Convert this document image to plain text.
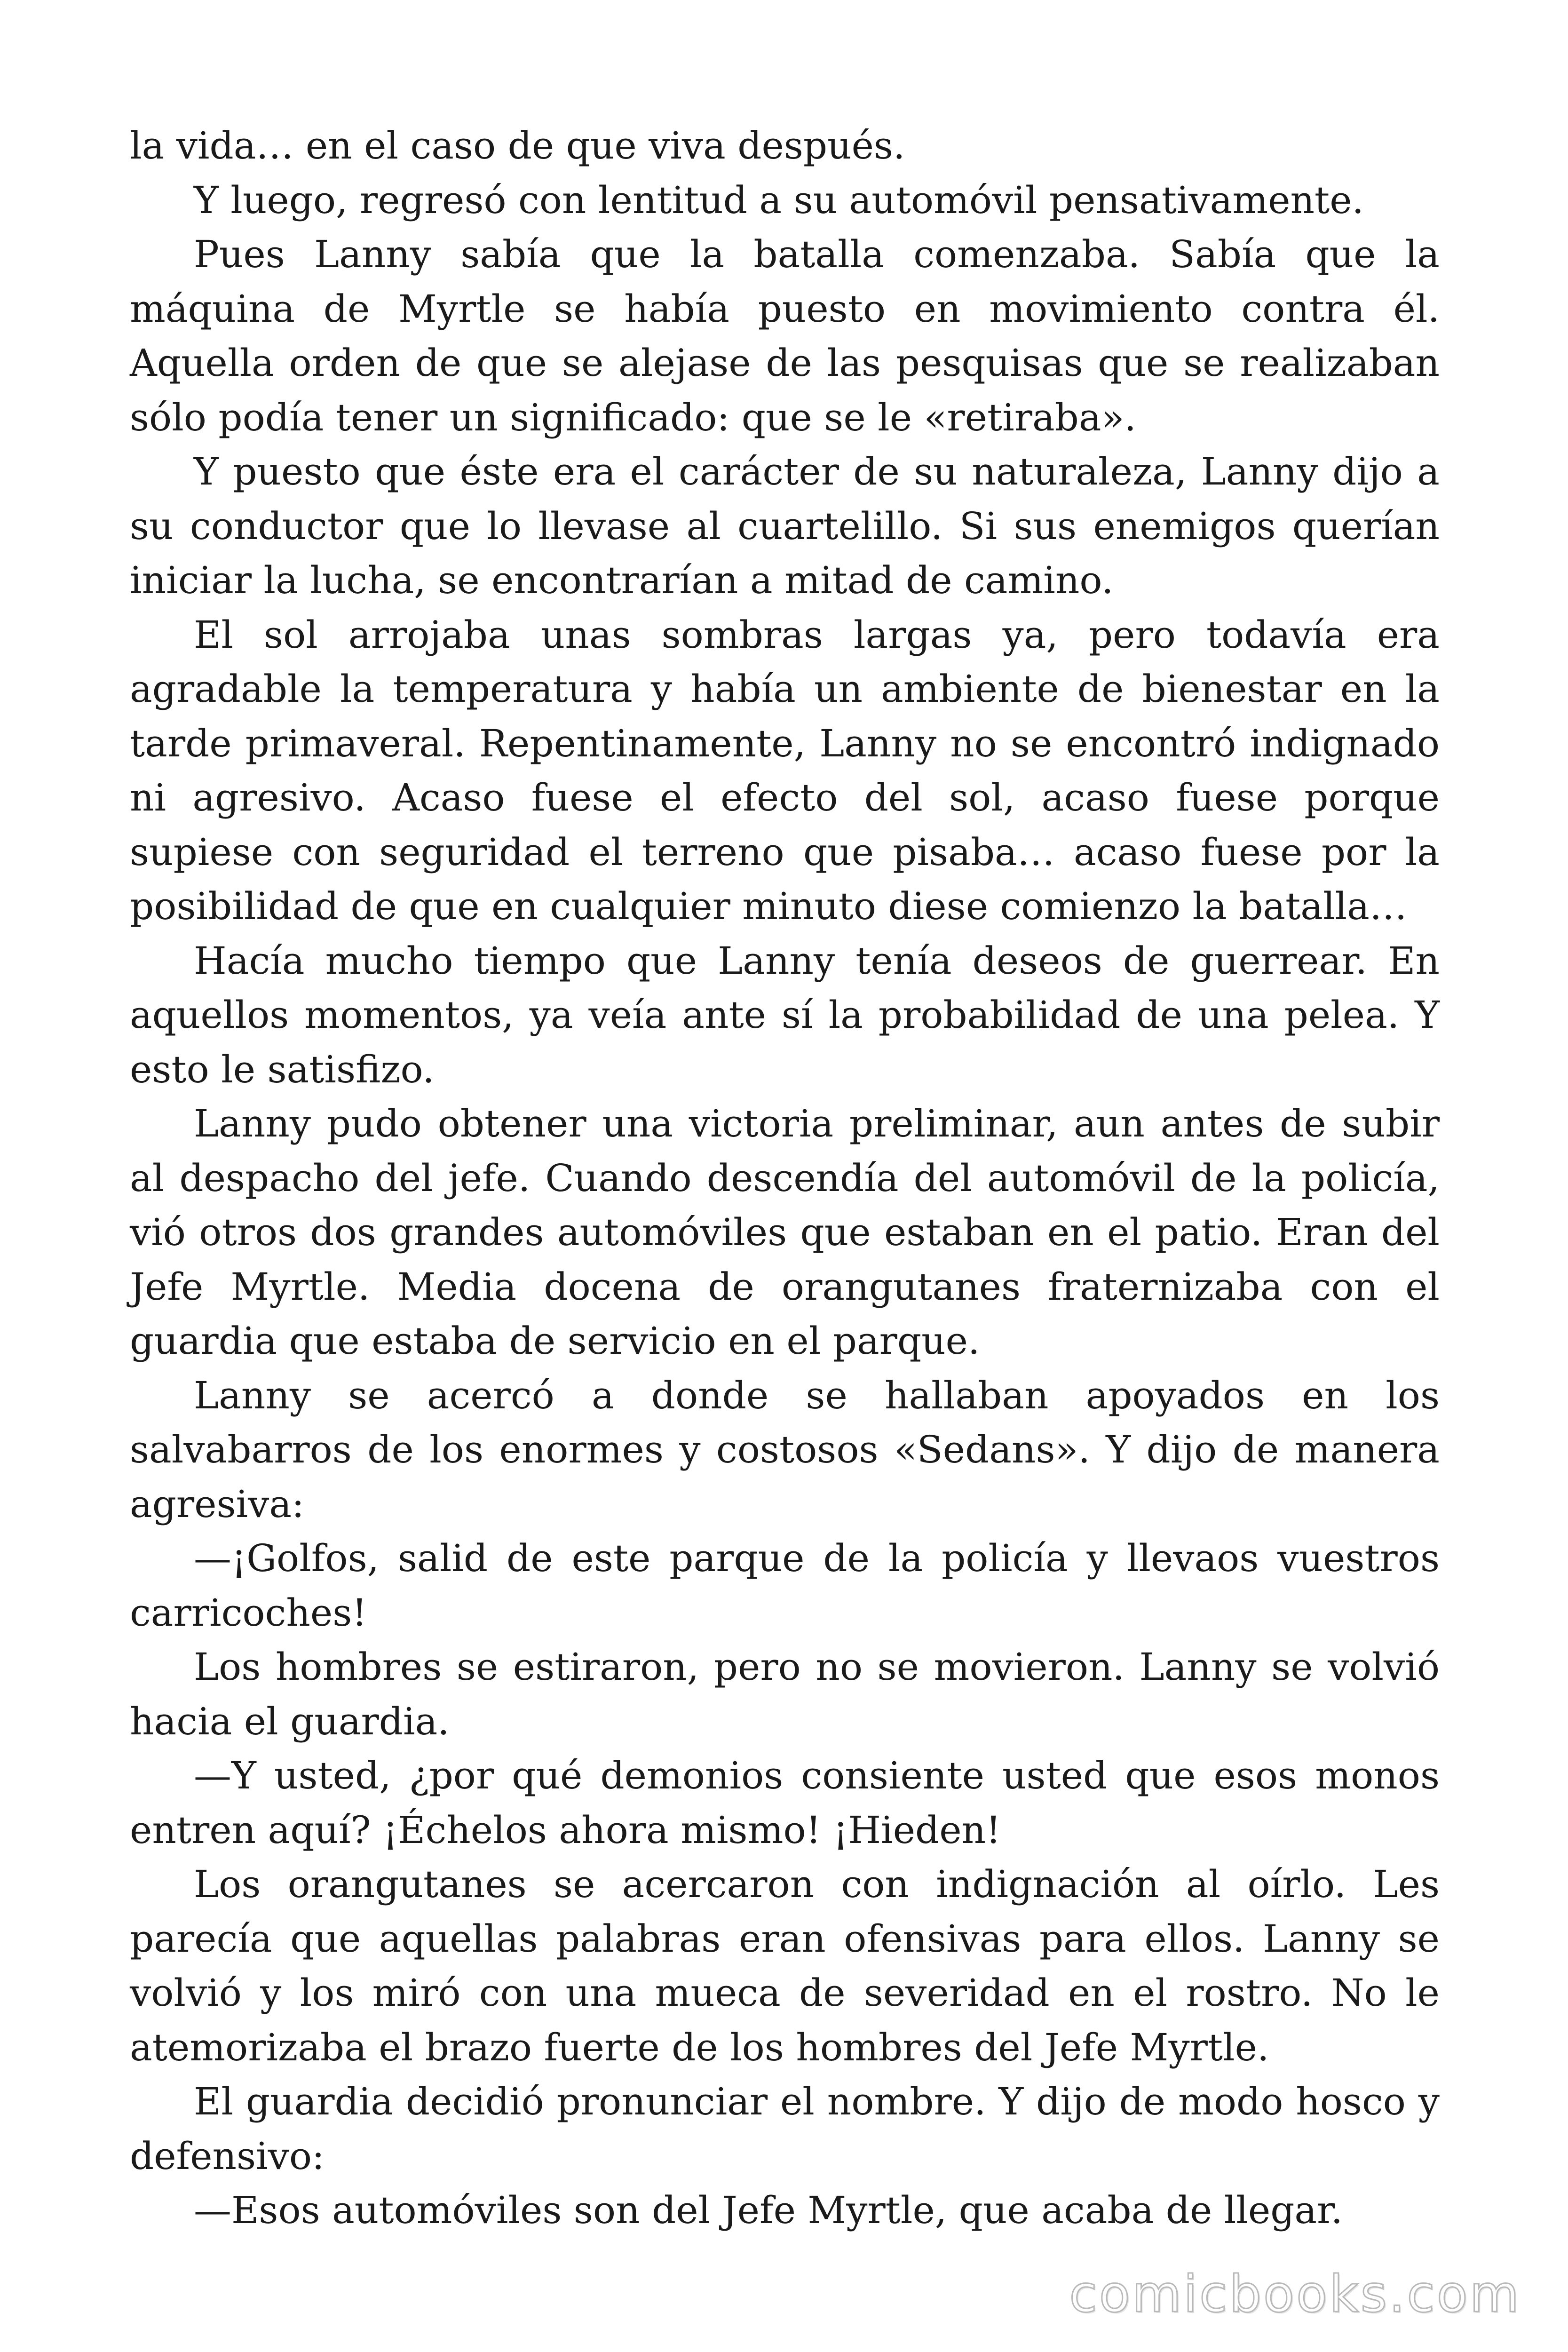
la vida… en el caso de que viva después.

Y luego, regresó con lentitud a su automóvil pensativamente.

Pues Lanny sabía que la batalla comenzaba. Sabía que la máquina de Myrtle se había puesto en movimiento contra él. Aquella orden de que se alejase de las pesquisas que se realizaban sólo podía tener un significado: que se le «retiraba».

Y puesto que éste era el carácter de su naturaleza, Lanny dijo a su conductor que lo llevase al cuartelillo. Si sus enemigos querían iniciar la lucha, se encontrarían a mitad de camino.

El sol arrojaba unas sombras largas ya, pero todavía era agradable la temperatura y había un ambiente de bienestar en la tarde primaveral. Repentinamente, Lanny no se encontró indignado ni agresivo. Acaso fuese el efecto del sol, acaso fuese porque supiese con seguridad el terreno que pisaba… acaso fuese por la posibilidad de que en cualquier minuto diese comienzo la batalla…

Hacía mucho tiempo que Lanny tenía deseos de guerrear. En aquellos momentos, ya veía ante sí la probabilidad de una pelea. Y esto le satisfizo.

Lanny pudo obtener una victoria preliminar, aun antes de subir al despacho del jefe. Cuando descendía del automóvil de la policía, vió otros dos grandes automóviles que estaban en el patio. Eran del Jefe Myrtle. Media docena de orangutanes fraternizaba con el guardia que estaba de servicio en el parque.

Lanny se acercó a donde se hallaban apoyados en los salvabarros de los enormes y costosos «Sedans». Y dijo de manera agresiva:

—¡Golfos, salid de este parque de la policía y llevaos vuestros carricoches!

Los hombres se estiraron, pero no se movieron. Lanny se volvió hacia el guardia.

—Y usted, ¿por qué demonios consiente usted que esos monos entren aquí? ¡Échelos ahora mismo! ¡Hieden!

Los orangutanes se acercaron con indignación al oírlo. Les parecía que aquellas palabras eran ofensivas para ellos. Lanny se volvió y los miró con una mueca de severidad en el rostro. No le atemorizaba el brazo fuerte de los hombres del Jefe Myrtle.

El guardia decidió pronunciar el nombre. Y dijo de modo hosco y defensivo:

—Esos automóviles son del Jefe Myrtle, que acaba de llegar.

comicbooks.com
